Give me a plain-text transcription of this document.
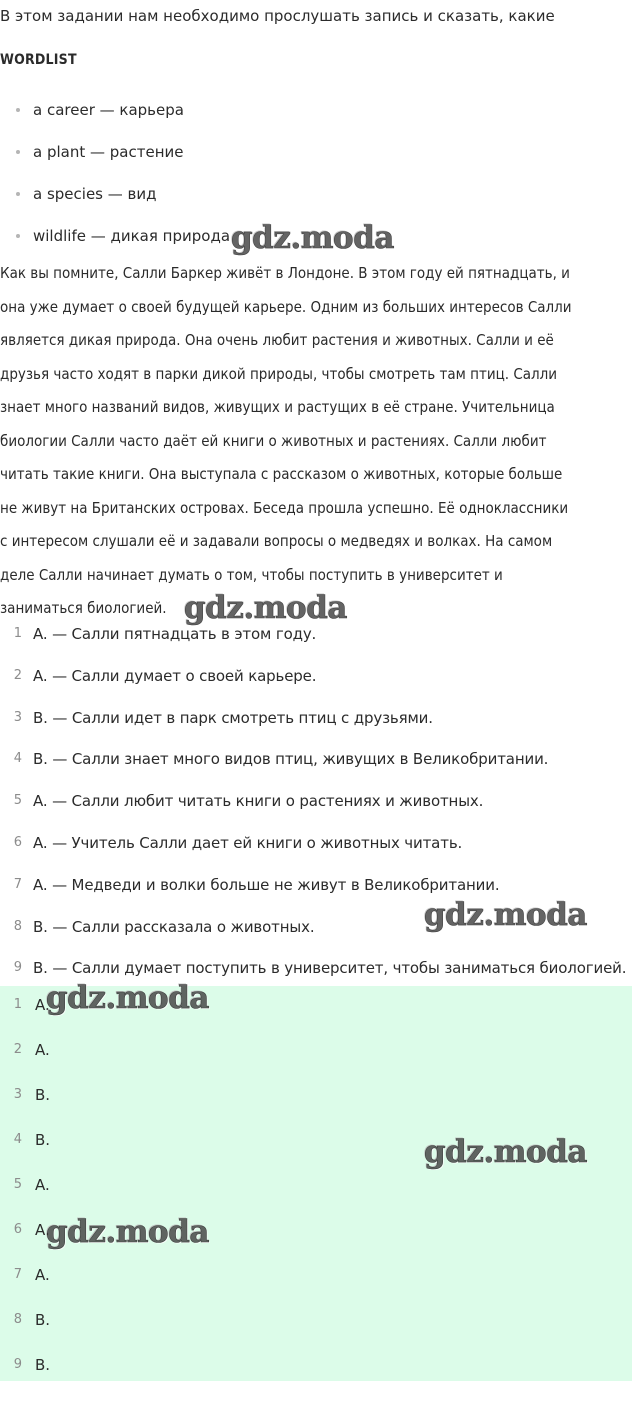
В этом задании нам необходимо прослушать запись и сказать, какие
WORDLIST
a career — карьера
a plant — растение
a species — вид
wildlife — дикая природа
Как вы помните, Салли Баркер живёт в Лондоне. В этом году ей пятнадцать, и
она уже думает о своей будущей карьере. Одним из больших интересов Салли
является дикая природа. Она очень любит растения и животных. Салли и её
друзья часто ходят в парки дикой природы, чтобы смотреть там птиц. Салли
знает много названий видов, живущих и растущих в её стране. Учительница
биологии Салли часто даёт ей книги о животных и растениях. Салли любит
читать такие книги. Она выступала с рассказом о животных, которые больше
не живут на Британских островах. Беседа прошла успешно. Её одноклассники
с интересом слушали её и задавали вопросы о медведях и волках. На самом
деле Салли начинает думать о том, чтобы поступить в университет и
заниматься биологией.
1 A. — Салли пятнадцать в этом году.
2 A. — Салли думает о своей карьере.
3 B. — Салли идет в парк смотреть птиц с друзьями.
4 B. — Салли знает много видов птиц, живущих в Великобритании.
5 A. — Салли любит читать книги о растениях и животных.
6 A. — Учитель Салли дает ей книги о животных читать.
7 A. — Медведи и волки больше не живут в Великобритании.
8 B. — Салли рассказала о животных.
9 B. — Салли думает поступить в университет, чтобы заниматься биологией.
1 A.
2 A.
3 B.
4 B.
5 A.
6 A.
7 A.
8 B.
9 B.
gdz.moda
gdz.moda
gdz.moda
gdz.moda
gdz.moda
gdz.moda
